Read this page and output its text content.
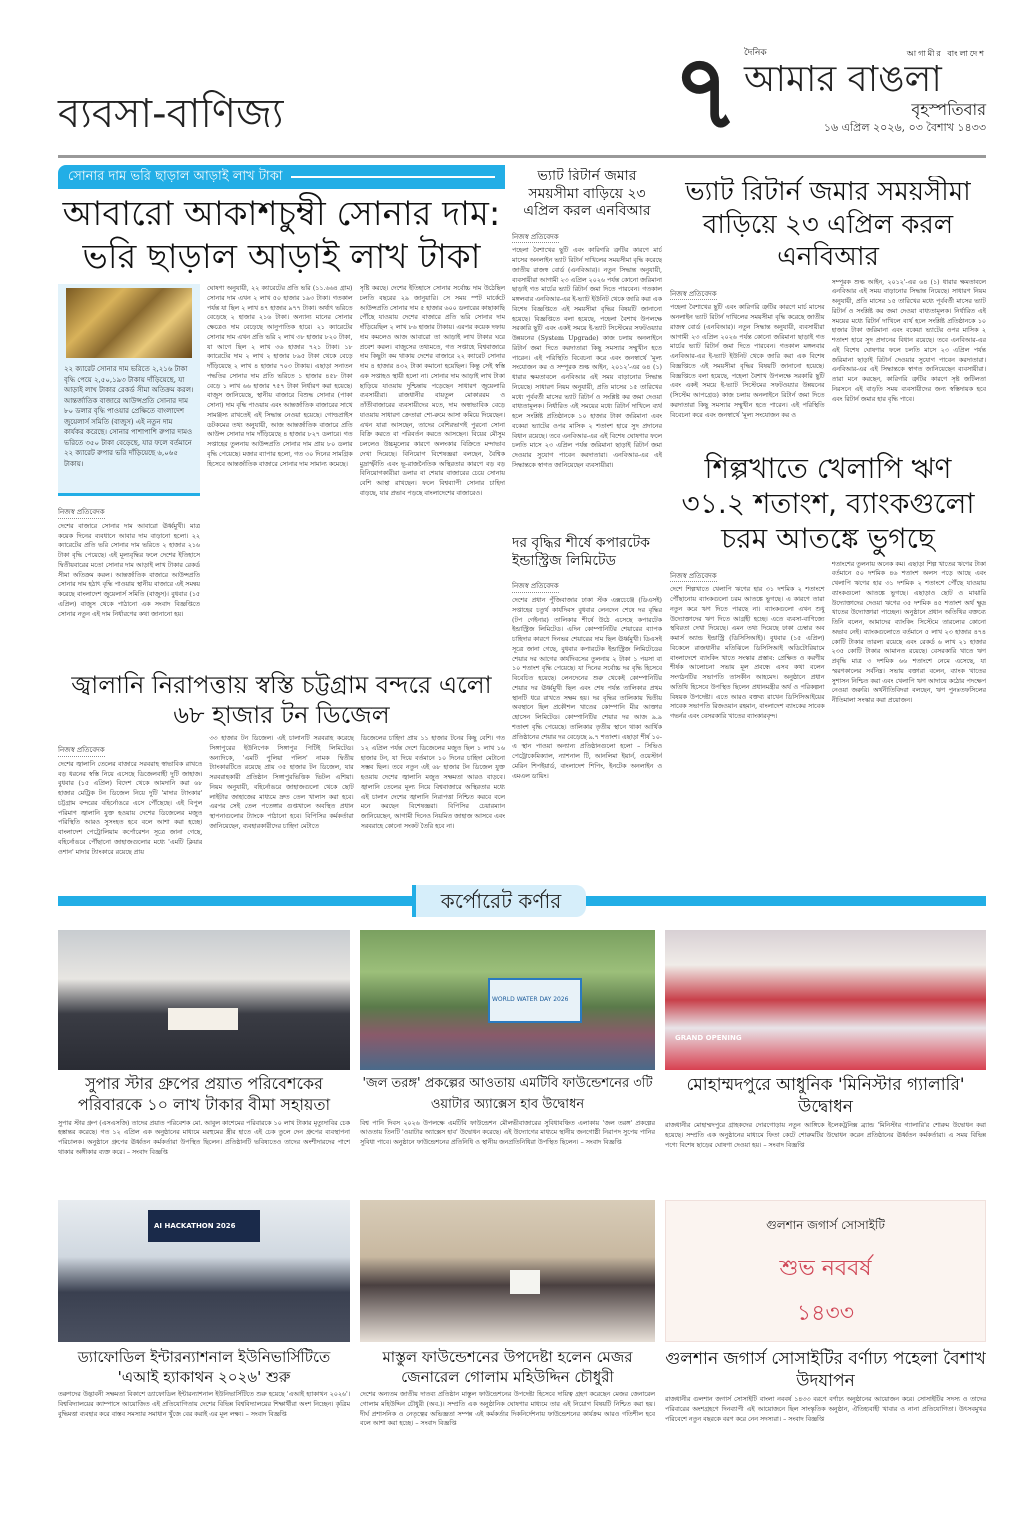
ব্যবসা-বাণিজ্য	৭ দৈনিক	আগামীর বাংলাদেশ
আমার বাঙলা
বৃহস্পতিবার
১৬ এপ্রিল ২০২৬, ০৩ বৈশাখ ১৪৩৩
সোনার দাম ভরি ছাড়াল আড়াই লাখ টাকা
আবারো আকাশচুম্বী সোনার দাম: ভরি ছাড়াল আড়াই লাখ টাকা
২২ ক্যারেট সোনার দাম ভরিতে ২,২১৬ টাকা বৃদ্ধি পেয়ে ২,৫০,১৯৩ টাকায় দাঁড়িয়েছে, যা আড়াই লাখ টাকার রেকর্ড সীমা অতিক্রম করল। আন্তর্জাতিক বাজারে আউন্সপ্রতি সোনার দাম ৮০ ডলার বৃদ্ধি পাওয়ার প্রেক্ষিতে বাংলাদেশ জুয়েলার্স সমিতি (বাজুস) এই নতুন দাম কার্যকর করেছে। সোনার পাশাপাশি রুপার দামও ভরিতে ৩৫০ টাকা বেড়েছে, যার ফলে বর্তমানে ২২ ক্যারেট রুপার ভরি দাঁড়িয়েছে ৬,০৬৫ টাকায়।
নিজস্ব প্রতিবেদক
দেশের বাজারে সোনার দাম আবারো ঊর্ধ্বমুখী। মাত্র কয়েক দিনের ব্যবধানে আবার দাম বাড়ানো হলো। ২২ ক্যারেটের প্রতি ভরি সোনার দাম ভরিতে ২ হাজার ২১৬ টাকা বৃদ্ধি পেয়েছে। এই মূল্যবৃদ্ধির ফলে দেশের ইতিহাসে দ্বিতীয়বারের মতো সোনার দাম আড়াই লাখ টাকার রেকর্ড সীমা অতিক্রম করল। আন্তর্জাতিক বাজারে আউন্সপ্রতি সোনার দাম হঠাৎ বৃদ্ধি পাওয়ায় স্থানীয় বাজারে এই সমন্বয় করেছে বাংলাদেশ জুয়েলার্স সমিতি (বাজুস)। বুধবার (১৫ এপ্রিল) বাজুস থেকে পাঠানো এক সংবাদ বিজ্ঞপ্তিতে সোনার নতুন এই দাম নির্ধারণের কথা জানানো হয়।
ঘোষণা অনুযায়ী, ২২ ক্যারেটের প্রতি ভরি (১১.৬৬৪ গ্রাম) সোনার দাম এখন ২ লাখ ৫০ হাজার ১৯৩ টাকা। গতকাল পর্যন্ত যা ছিল ২ লাখ ৪৭ হাজার ৯৭৭ টাকা। অর্থাৎ ভরিতে বেড়েছে ২ হাজার ২১৬ টাকা। অন্যান্য মানের সোনার ক্ষেত্রেও দাম বেড়েছে আনুপাতিক হারে। ২১ ক্যারেটের সোনার দাম এখন প্রতি ভরি ২ লাখ ৩৮ হাজার ৮২০ টাকা, যা আগে ছিল ২ লাখ ৩৬ হাজার ৭২১ টাকা। ১৮ ক্যারেটের দাম ২ লাখ ২ হাজার ৮৯৫ টাকা থেকে বেড়ে দাঁড়িয়েছে ২ লাখ ৪ হাজার ৭০৩ টাকায়। এছাড়া সনাতন পদ্ধতির সোনার দাম প্রতি ভরিতে ১ হাজার ৪৫৮ টাকা বেড়ে ১ লাখ ৬৬ হাজার ৭৫৭ টাকা নির্ধারণ করা হয়েছে। বাজুস জানিয়েছে, স্থানীয় বাজারে বিশুদ্ধ সোনার (পাকা সোনা) দাম বৃদ্ধি পাওয়ায় এবং আন্তর্জাতিক বাজারের সাথে সামঞ্জস্য রাখতেই এই সিদ্ধান্ত নেওয়া হয়েছে। গোল্ডপ্রাইস ডটকমের তথ্য অনুযায়ী, আজ আন্তর্জাতিক বাজারে প্রতি আউন্স সোনার দাম দাঁড়িয়েছে ৪ হাজার ৮২৭ ডলারে। গত সপ্তাহের তুলনায় আউন্সপ্রতি সোনার দাম প্রায় ৮০ ডলার বৃদ্ধি পেয়েছে। মজার ব্যাপার হলো, গত ৩০ দিনের সামগ্রিক হিসেবে আন্তর্জাতিক বাজারে সোনার দাম সামান্য কমেছে।
সৃষ্টি করছে। দেশের ইতিহাসে সোনার সর্বোচ্চ দাম উঠেছিল চলতি বছরের ২৯ জানুয়ারি। সে সময় স্পট মার্কেটে আউন্সপ্রতি সোনার দাম ৫ হাজার ৬০০ ডলারের কাছাকাছি পৌঁছে যাওয়ায় দেশের বাজারে প্রতি ভরি সোনার দাম দাঁড়িয়েছিল ২ লাখ ৮৬ হাজার টাকায়। এরপর কয়েক দফায় দাম কমলেও আজ আবারো তা আড়াই লাখ টাকার ঘরে প্রবেশ করল। বাজুসের তথ্যমতে, গত সপ্তাহে বিশ্ববাজারে দাম কিছুটা কম থাকায় দেশের বাজারে ২২ ক্যারেট সোনার দাম ৪ হাজার ৪৩২ টাকা কমানো হয়েছিল। কিন্তু সেই স্বস্তি এক সপ্তাহও স্থায়ী হলো না। সোনার দাম আড়াই লাখ টাকা ছাড়িয়ে যাওয়ায় দুশ্চিন্তায় পড়েছেন সাধারণ জুয়েলারি ব্যবসায়ীরা। রাজধানীর বায়তুল মোকাররম ও তাঁতীবাজারের ব্যবসায়ীদের মতে, দাম অস্বাভাবিক বেড়ে যাওয়ায় সাধারণ ক্রেতারা শো-রুমে আসা কমিয়ে দিয়েছেন। এখন যারা আসছেন, তাদের বেশিরভাগই পুরনো সোনা বিক্রি করতে বা পরিবর্তন করতে আসছেন। বিয়ের মৌসুম চললেও উচ্চমূল্যের কারণে অলংকার বিক্রিতে মন্দাভাব দেখা দিয়েছে। বিনিয়োগ বিশেষজ্ঞরা বলছেন, বৈশ্বিক মুদ্রাস্ফীতি এবং ভূ-রাজনৈতিক অস্থিরতার কারণে বড় বড় বিনিয়োগকারীরা ডলার বা শেয়ার বাজারের চেয়ে সোনায় বেশি আস্থা রাখছেন। ফলে বিশ্বব্যাপী সোনার চাহিদা বাড়ছে, যার প্রভাব পড়ছে বাংলাদেশের বাজারেও।
ভ্যাট রিটার্ন জমার সময়সীমা বাড়িয়ে ২৩ এপ্রিল করল এনবিআর
নিজস্ব প্রতিবেদক
পহেলা বৈশাখের ছুটি এবং কারিগরি ত্রুটির কারণে মার্চ মাসের অনলাইন ভ্যাট রিটার্ন দাখিলের সময়সীমা বৃদ্ধি করেছে জাতীয় রাজস্ব বোর্ড (এনবিআর)। নতুন সিদ্ধান্ত অনুযায়ী, ব্যবসায়ীরা আগামী ২৩ এপ্রিল ২০২৬ পর্যন্ত কোনো জরিমানা ছাড়াই গত মার্চের ভ্যাট রিটার্ন জমা দিতে পারবেন। গতকাল মঙ্গলবার এনবিআর-এর ই-ভ্যাট ইউনিট থেকে জারি করা এক বিশেষ বিজ্ঞপ্তিতে এই সময়সীমা বৃদ্ধির বিষয়টি জানানো হয়েছে। বিজ্ঞপ্তিতে বলা হয়েছে, পহেলা বৈশাখ উপলক্ষে সরকারি ছুটি এবং একই সময়ে ই-ভ্যাট সিস্টেমের সফটওয়্যার উন্নয়নের (System Upgrade) কাজ চলায় অনলাইনে রিটার্ন জমা দিতে করদাতারা কিছু সমস্যার সম্মুখীন হতে পারেন। এই পরিস্থিতি বিবেচনা করে এবং জনস্বার্থে 'মূল্য সংযোজন কর ও সম্পূরক শুল্ক আইন, ২০১২'-এর ৬৪ (১) ধারার ক্ষমতাবলে এনবিআর এই সময় বাড়ানোর সিদ্ধান্ত নিয়েছে। সাধারণ নিয়ম অনুযায়ী, প্রতি মাসের ১৫ তারিখের মধ্যে পূর্ববর্তী মাসের ভ্যাট রিটার্ন ও সংশ্লিষ্ট কর জমা দেওয়া বাধ্যতামূলক। নির্ধারিত এই সময়ের মধ্যে রিটার্ন দাখিলে ব্যর্থ হলে সংশ্লিষ্ট প্রতিষ্ঠানকে ১০ হাজার টাকা জরিমানা এবং বকেয়া ভ্যাটের ওপর মাসিক ২ শতাংশ হারে সুদ প্রদানের বিধান রয়েছে। তবে এনবিআর-এর এই বিশেষ ঘোষণার ফলে চলতি মাসে ২৩ এপ্রিল পর্যন্ত জরিমানা ছাড়াই রিটার্ন জমা দেওয়ার সুযোগ পাবেন করদাতারা। এনবিআর-এর এই সিদ্ধান্তকে স্বাগত জানিয়েছেন ব্যবসায়ীরা।
দর বৃদ্ধির শীর্ষে কপারটেক ইন্ডাস্ট্রিজ লিমিটেড
নিজস্ব প্রতিবেদক
দেশের প্রধান পুঁজিবাজার ঢাকা স্টক এক্সচেঞ্জে (ডিএসই) সপ্তাহের চতুর্থ কার্যদিবস বুধবার লেনদেন শেষে দর বৃদ্ধির (টপ গেইনার) তালিকার শীর্ষে উঠে এসেছে কপারটেক ইন্ডাস্ট্রিজ লিমিটেড। এদিন কোম্পানিটির শেয়ারের ব্যাপক চাহিদার কারণে দিনভর শেয়ারের দাম ছিল ঊর্ধ্বমুখী। ডিএসই সূত্রে জানা গেছে, বুধবার কপারটেক ইন্ডাস্ট্রিজ লিমিটেডের শেয়ার দর আগের কার্যদিবসের তুলনায় ২ টাকা ১ পয়সা বা ১০ শতাংশ বৃদ্ধি পেয়েছে। যা দিনের সর্বোচ্চ দর বৃদ্ধি হিসেবে বিবেচিত হয়েছে। লেনদেনের শুরু থেকেই কোম্পানিটির শেয়ার দর ঊর্ধ্বমুখী ছিল এবং শেষ পর্যন্ত তালিকার প্রথম স্থানটি ধরে রাখতে সক্ষম হয়। দর বৃদ্ধির তালিকায় দ্বিতীয় অবস্থানে ছিল প্রকৌশল খাতের কোম্পানি মীর আক্তার হোসেন লিমিটেড। কোম্পানিটির শেয়ার দর আজ ৯.৯ শতাংশ বৃদ্ধি পেয়েছে। তালিকার তৃতীয় স্থানে থাকা আর্থিক প্রতিষ্ঠানের শেয়ার দর বেড়েছে ৯.৭ শতাংশ। এছাড়া শীর্ষ ১০-এ স্থান পাওয়া অন্যান্য প্রতিষ্ঠানগুলো হলো – সিভিও পেট্রোকেমিক্যাল, ন্যাশনাল টি, আনলিমা ইয়ার্ন, ওয়েস্টার্ন মেরিন শিপইয়ার্ড, বাংলাদেশ শিপিং, ইনটেক অনলাইন ও এমএল ডায়িং।
ভ্যাট রিটার্ন জমার সময়সীমা বাড়িয়ে ২৩ এপ্রিল করল এনবিআর
নিজস্ব প্রতিবেদক
পহেলা বৈশাখের ছুটি এবং কারিগরি ত্রুটির কারণে মার্চ মাসের অনলাইন ভ্যাট রিটার্ন দাখিলের সময়সীমা বৃদ্ধি করেছে জাতীয় রাজস্ব বোর্ড (এনবিআর)। নতুন সিদ্ধান্ত অনুযায়ী, ব্যবসায়ীরা আগামী ২৩ এপ্রিল ২০২৬ পর্যন্ত কোনো জরিমানা ছাড়াই গত মার্চের ভ্যাট রিটার্ন জমা দিতে পারবেন। গতকাল মঙ্গলবার এনবিআর-এর ই-ভ্যাট ইউনিট থেকে জারি করা এক বিশেষ বিজ্ঞপ্তিতে এই সময়সীমা বৃদ্ধির বিষয়টি জানানো হয়েছে। বিজ্ঞপ্তিতে বলা হয়েছে, পহেলা বৈশাখ উপলক্ষে সরকারি ছুটি এবং একই সময়ে ই-ভ্যাট সিস্টেমের সফটওয়্যার উন্নয়নের (সিস্টেম আপগ্রেড) কাজ চলায় অনলাইনে রিটার্ন জমা দিতে করদাতারা কিছু সমস্যার সম্মুখীন হতে পারেন। এই পরিস্থিতি বিবেচনা করে এবং জনস্বার্থে 'মূল্য সংযোজন কর ও
সম্পূরক শুল্ক আইন, ২০১২'-এর ৬৪ (১) ধারার ক্ষমতাবলে এনবিআর এই সময় বাড়ানোর সিদ্ধান্ত নিয়েছে। সাধারণ নিয়ম অনুযায়ী, প্রতি মাসের ১৫ তারিখের মধ্যে পূর্ববর্তী মাসের ভ্যাট রিটার্ন ও সংশ্লিষ্ট কর জমা দেওয়া বাধ্যতামূলক। নির্ধারিত এই সময়ের মধ্যে রিটার্ন দাখিলে ব্যর্থ হলে সংশ্লিষ্ট প্রতিষ্ঠানকে ১০ হাজার টাকা জরিমানা এবং বকেয়া ভ্যাটের ওপর মাসিক ২ শতাংশ হারে সুদ প্রদানের বিধান রয়েছে। তবে এনবিআর-এর এই বিশেষ ঘোষণার ফলে চলতি মাসে ২৩ এপ্রিল পর্যন্ত জরিমানা ছাড়াই রিটার্ন দেওয়ার সুযোগ পাবেন করদাতারা। এনবিআর-এর এই সিদ্ধান্তকে স্বাগত জানিয়েছেন ব্যবসায়ীরা। তারা মনে করছেন, কারিগরি ত্রুটির কারণে সৃষ্ট জটিলতা নিরসনে এই বাড়তি সময় ব্যবসায়ীদের জন্য স্বস্তিদায়ক হবে এবং রিটার্ন জমার হার বৃদ্ধি পাবে।
শিল্পখাতে খেলাপি ঋণ ৩১.২ শতাংশ, ব্যাংকগুলো চরম আতঙ্কে ভুগছে
নিজস্ব প্রতিবেদক
দেশে শিল্পখাতে খেলাপি ঋণের হার ৩১ দশমিক ২ শতাংশে পৌঁছানোয় ব্যাংকগুলো চরম আতঙ্কে ভুগছে। এ কারণে তারা নতুন করে ঋণ দিতে পারছে না। ব্যাংকগুলো এখন শুধু উদ্যোক্তাদের ঋণ দিতে আগ্রহী হচ্ছে। এতে ব্যবসা-বাণিজ্যে স্থবিরতা দেখা দিয়েছে। এমন তথ্য দিয়েছে ঢাকা চেম্বার অব কমার্স অ্যান্ড ইন্ডাস্ট্রি (ডিসিসিআই)। বুধবার (১৫ এপ্রিল) বিকেলে রাজধানীর মতিঝিলে ডিসিসিআই অডিটোরিয়ামে বাংলাদেশে ব্যাংকিং খাতে সংস্কার প্রস্তাব: প্রেক্ষিত ও করণীয় শীর্ষক আলোচনা সভায় মূল প্রবন্ধে এসব কথা বলেন সংগঠনটির সভাপতি তাসকীন আহমেদ। অনুষ্ঠানে প্রধান অতিথি হিসেবে উপস্থিত ছিলেন প্রধানমন্ত্রীর অর্থ ও পরিকল্পনা বিষয়ক উপদেষ্টা। এতে আরও বক্তব্য রাখেন ডিসিসিআইয়ের সাবেক সভাপতি রিজওয়ান রহমান, বাংলাদেশ ব্যাংকের সাবেক গভর্নর এবং বেসরকারি খাতের ব্যাংকারবৃন্দ।
শতাংশের তুলনায় অনেক কম। এছাড়া শিল্প খাতের ঋণের টাকা বর্তমানে ৫০ দশমিক ৪৬ শতাংশ অলস পড়ে আছে এবং খেলাপি ঋণের হার ৩১ দশমিক ২ শতাংশে পৌঁছে যাওয়ায় ব্যাংকগুলো আতঙ্কে ভুগছে। এছাড়াও ছোট ও মাঝারি উদ্যোক্তাদের দেওয়া ঋণের ৩৫ দশমিক ৪৫ শতাংশ অর্থ ক্ষুদ্র খাতের উদ্যোক্তারা পাচ্ছেন। অনুষ্ঠানে প্রধান অতিথির বক্তব্যে তিনি বলেন, আমাদের ব্যাংকিং সিস্টেমে তারল্যের কোনো অভাব নেই। ব্যাংকগুলোতে বর্তমানে ৫ লাখ ২৩ হাজার ৪৭৪ কোটি টাকার তারল্য রয়েছে এবং রেকর্ড ৬ লাখ ২১ হাজার ২৩৫ কোটি টাকার আমানত রয়েছে। বেসরকারি খাতে ঋণ প্রবৃদ্ধি মাত্র ৩ দশমিক ৬৬ শতাংশে নেমে এসেছে, যা স্মরণকালের সর্বনিম্ন। সভায় বক্তারা বলেন, ব্যাংক খাতের সুশাসন নিশ্চিত করা এবং খেলাপি ঋণ আদায়ে কঠোর পদক্ষেপ নেওয়া জরুরি। অর্থনীতিবিদরা বলছেন, ঋণ পুনঃতফসিলের নীতিমালা সংস্কার করা প্রয়োজন।
জ্বালানি নিরাপত্তায় স্বস্তি চট্টগ্রাম বন্দরে এলো ৬৮ হাজার টন ডিজেল
নিজস্ব প্রতিবেদক
দেশের জ্বালানি তেলের বাজারে সরবরাহ স্বাভাবিক রাখতে বড় ধরনের স্বস্তি নিয়ে এসেছে ডিজেলবাহী দুটি জাহাজ। বুধবার (১৫ এপ্রিল) বিদেশ থেকে আমদানি করা ৬৮ হাজার মেট্রিক টন ডিজেল নিয়ে দুটি 'মাদার ট্যাংকার' চট্টগ্রাম বন্দরের বহির্নোঙরে এসে পৌঁছেছে। এই বিপুল পরিমাণ জ্বালানি যুক্ত হওয়ায় দেশের ডিজেলের মজুত পরিস্থিতি আরও সুসংহত হবে বলে আশা করা হচ্ছে। বাংলাদেশ পেট্রোলিয়াম কর্পোরেশন সূত্রে জানা গেছে, বহির্নোঙরে পৌঁছানো জাহাজগুলোর মধ্যে 'এমটি ক্লিয়ার ওশান' মাদার ট্যাংকারে রয়েছে প্রায়
৩৩ হাজার টন ডিজেল। এই চালানটি সরবরাহ করেছে সিঙ্গাপুরের ইউনিপেক সিঙ্গাপুর পিটিই লিমিটেড। অন্যদিকে, 'এমটি পুলিয়া পলিস' নামক দ্বিতীয় ট্যাংকারটিতে রয়েছে প্রায় ৩৫ হাজার টন ডিজেল, যার সরবরাহকারী প্রতিষ্ঠান সিঙ্গাপুরভিত্তিক ভিটল এশিয়া। নিয়ম অনুযায়ী, বহির্নোঙরে জাহাজগুলো থেকে ছোট লাইটার জাহাজের মাধ্যমে দ্রুত তেল খালাস করা হবে। এরপর সেই তেল পতেঙ্গার গুপ্তখালে অবস্থিত প্রধান স্থাপনাগুলোর ট্যাংকে পাঠানো হবে। বিপিসির কর্মকর্তারা জানিয়েছেন, ব্যবহারকারীদের চাহিদা মেটাতে
ডিজেলের চাহিদা প্রায় ১১ হাজার টনের কিছু বেশি। গত ১২ এপ্রিল পর্যন্ত দেশে ডিজেলের মজুত ছিল ১ লাখ ১৬ হাজার টন, যা দিয়ে বর্তমানে ১০ দিনের চাহিদা মেটানো সম্ভব ছিল। তবে নতুন এই ৬৮ হাজার টন ডিজেল যুক্ত হওয়ায় দেশের জ্বালানি মজুত সক্ষমতা আরও বাড়বে। জ্বালানি তেলের মূল্য নিয়ে বিশ্ববাজারে অস্থিরতার মধ্যে এই চালান দেশের জ্বালানি নিরাপত্তা নিশ্চিত করবে বলে মনে করছেন বিশেষজ্ঞরা। বিপিসির চেয়ারম্যান জানিয়েছেন, আগামী দিনেও নিয়মিত জাহাজ আসবে এবং সরবরাহে কোনো সংকট তৈরি হবে না।
কর্পোরেট কর্ণার
WORLD WATER DAY 2026
GRAND OPENING
সুপার স্টার গ্রুপের প্রয়াত পরিবেশকের পরিবারকে ১০ লাখ টাকার বীমা সহায়তা
সুপার স্টার গ্রুপ (এসএসজি) তাদের প্রয়াত পরিবেশক মো. আবুল কাশেমের পরিবারকে ১০ লাখ টাকার মৃত্যুদাবির চেক হস্তান্তর করেছে। গত ১২ এপ্রিল এক অনুষ্ঠানের মাধ্যমে মরহুমের স্ত্রীর হাতে এই চেক তুলে দেন গ্রুপের ব্যবস্থাপনা পরিচালক। অনুষ্ঠানে গ্রুপের ঊর্ধ্বতন কর্মকর্তারা উপস্থিত ছিলেন। প্রতিষ্ঠানটি ভবিষ্যতেও তাদের অংশীদারদের পাশে থাকার অঙ্গীকার ব্যক্ত করে। – সংবাদ বিজ্ঞপ্তি
'জল তরঙ্গ' প্রকল্পের আওতায় এমটিবি ফাউন্ডেশনের ৩টি ওয়াটার অ্যাক্সেস হাব উদ্বোধন
বিশ্ব পানি দিবস ২০২৬ উপলক্ষে এমটিবি ফাউন্ডেশন মৌলভীবাজারের সুবিধাবঞ্চিত এলাকায় 'জল তরঙ্গ' প্রকল্পের আওতায় তিনটি 'ওয়াটার অ্যাক্সেস হাব' উদ্বোধন করেছে। এই উদ্যোগের মাধ্যমে স্থানীয় জনগোষ্ঠী নিরাপদ সুপেয় পানির সুবিধা পাবে। অনুষ্ঠানে ফাউন্ডেশনের প্রতিনিধি ও স্থানীয় জনপ্রতিনিধিরা উপস্থিত ছিলেন। – সংবাদ বিজ্ঞপ্তি
মোহাম্মদপুরে আধুনিক 'মিনিস্টার গ্যালারি' উদ্বোধন
রাজধানীর মোহাম্মদপুরে গ্রাহকদের দোরগোড়ায় নতুন আঙ্গিকে ইলেকট্রনিক্স ব্র্যান্ড 'মিনিস্টার গ্যালারি'র শোরুম উদ্বোধন করা হয়েছে। সম্প্রতি এক অনুষ্ঠানের মাধ্যমে ফিতা কেটে শোরুমটির উদ্বোধন করেন প্রতিষ্ঠানের ঊর্ধ্বতন কর্মকর্তারা। এ সময় বিভিন্ন পণ্যে বিশেষ ছাড়ের ঘোষণা দেওয়া হয়। – সংবাদ বিজ্ঞপ্তি
AI HACKATHON 2026	গুলশান জগার্স সোসাইটি
শুভ নববর্ষ
১৪৩৩
ড্যাফোডিল ইন্টারন্যাশনাল ইউনিভার্সিটিতে 'এআই হ্যাকাথন ২০২৬' শুরু
তরুণদের উদ্ভাবনী সক্ষমতা বিকাশে ড্যাফোডিল ইন্টারন্যাশনাল ইউনিভার্সিটিতে শুরু হয়েছে 'এআই হ্যাকাথন ২০২৬'। বিশ্ববিদ্যালয়ের ক্যাম্পাসে আয়োজিত এই প্রতিযোগিতায় দেশের বিভিন্ন বিশ্ববিদ্যালয়ের শিক্ষার্থীরা অংশ নিচ্ছেন। কৃত্রিম বুদ্ধিমত্তা ব্যবহার করে বাস্তব সমস্যার সমাধান খুঁজে বের করাই এর মূল লক্ষ্য। – সংবাদ বিজ্ঞপ্তি
মাস্তুল ফাউন্ডেশনের উপদেষ্টা হলেন মেজর জেনারেল গোলাম মহিউদ্দিন চৌধুরী
দেশের অন্যতম জাতীয় দাতব্য প্রতিষ্ঠান মাস্তুল ফাউন্ডেশনের উপদেষ্টা হিসেবে দায়িত্ব গ্রহণ করেছেন মেজর জেনারেল গোলাম মহিউদ্দিন চৌধুরী (অব.)। সম্প্রতি এক অনুষ্ঠানিক ঘোষণার মাধ্যমে তার এই নিয়োগ বিষয়টি নিশ্চিত করা হয়। দীর্ঘ প্রশাসনিক ও নেতৃত্বের অভিজ্ঞতা সম্পন্ন এই কর্মকর্তার দিকনির্দেশনায় ফাউন্ডেশনের কার্যক্রম আরও গতিশীল হবে বলে আশা করা হচ্ছে। – সংবাদ বিজ্ঞপ্তি
গুলশান জগার্স সোসাইটির বর্ণাঢ্য পহেলা বৈশাখ উদযাপন
রাজধানীর গুলশান জগার্স সোসাইটি বাংলা নববর্ষ ১৪৩৩ বরণে বর্ণাঢ্য অনুষ্ঠানের আয়োজন করে। সোসাইটির সদস্য ও তাদের পরিবারের অংশগ্রহণে দিনব্যাপী এই আয়োজনে ছিল সাংস্কৃতিক অনুষ্ঠান, ঐতিহ্যবাহী খাবার ও নানা প্রতিযোগিতা। উৎসবমুখর পরিবেশে নতুন বছরকে বরণ করে নেন সদস্যরা। – সংবাদ বিজ্ঞপ্তি
